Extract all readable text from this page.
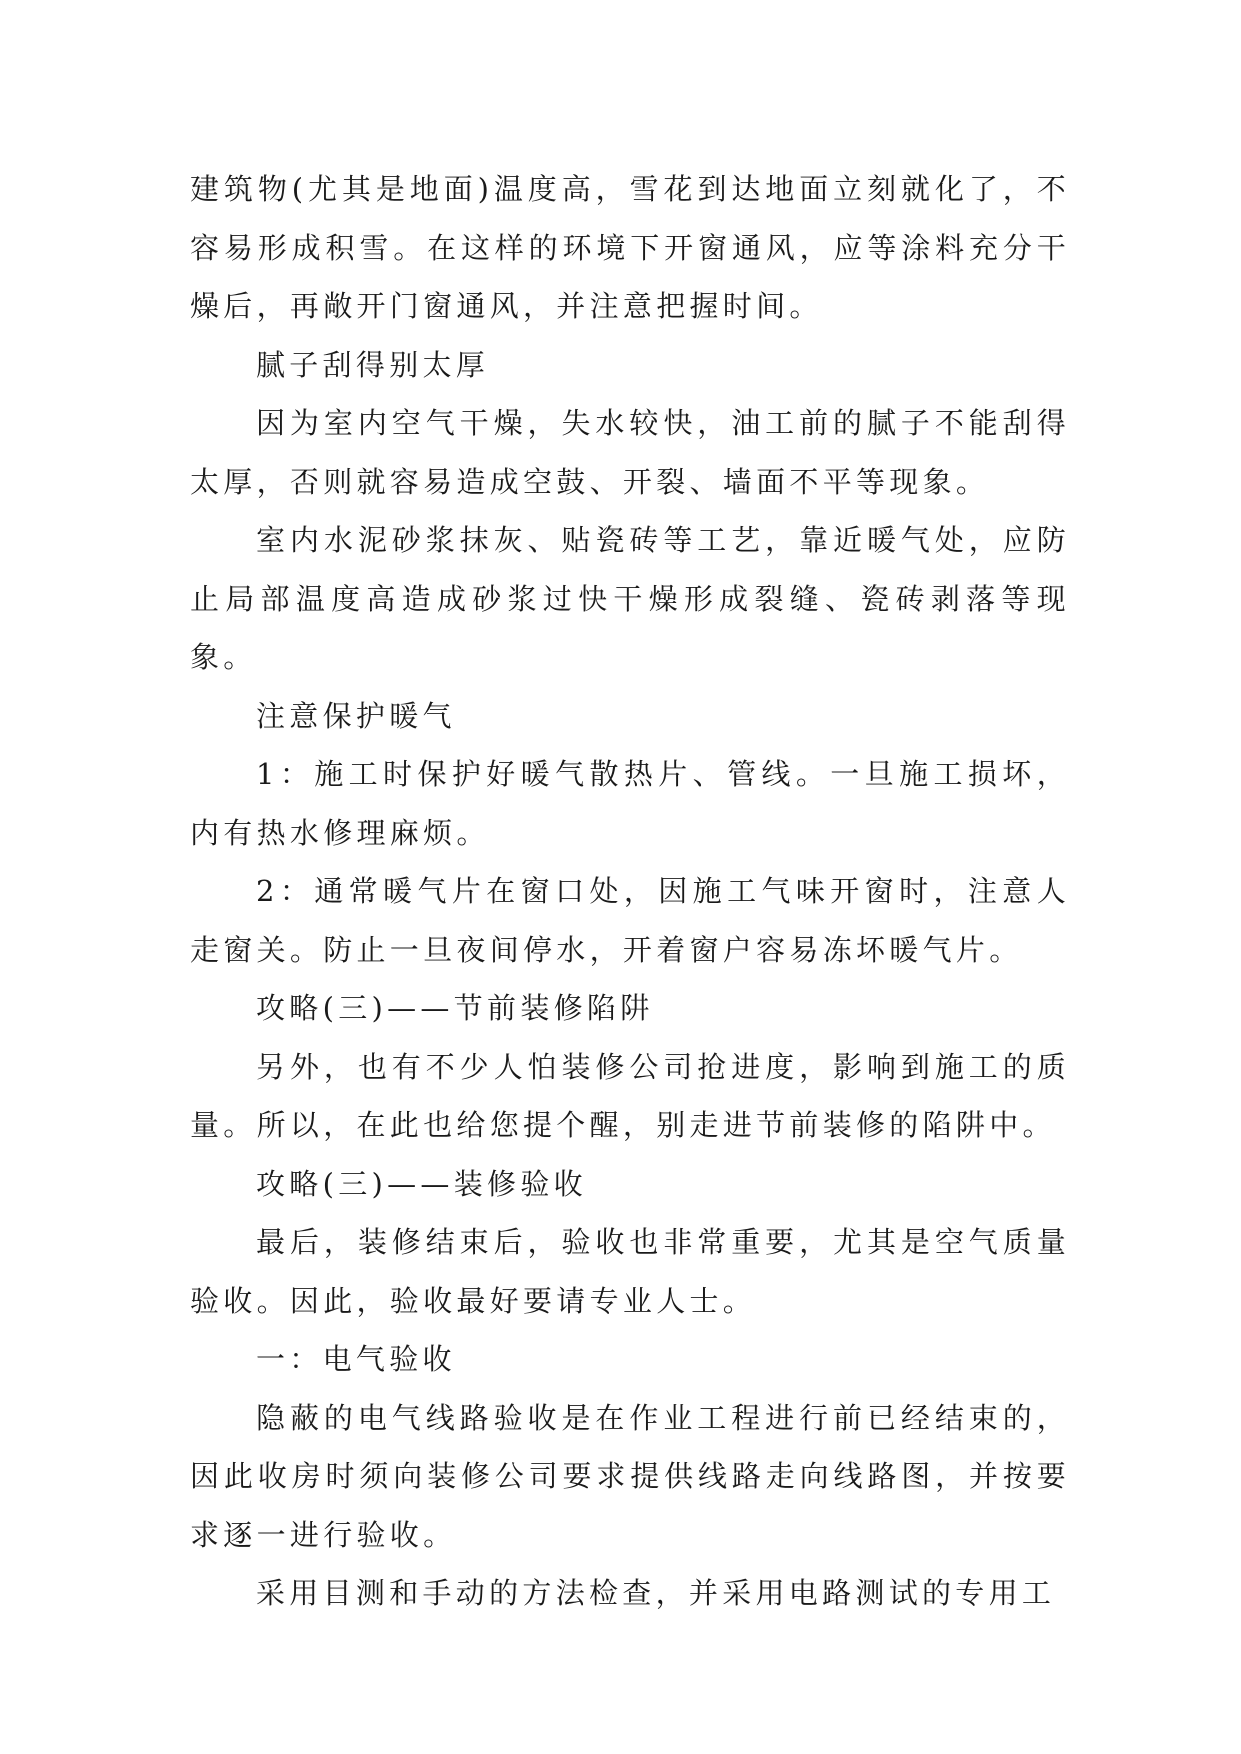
建筑物(尤其是地面)温度高，雪花到达地面立刻就化了，不容易形成积雪。在这样的环境下开窗通风，应等涂料充分干燥后，再敞开门窗通风，并注意把握时间。

腻子刮得别太厚

因为室内空气干燥，失水较快，油工前的腻子不能刮得太厚，否则就容易造成空鼓、开裂、墙面不平等现象。

室内水泥砂浆抹灰、贴瓷砖等工艺，靠近暖气处，应防止局部温度高造成砂浆过快干燥形成裂缝、瓷砖剥落等现象。

注意保护暖气

1：施工时保护好暖气散热片、管线。一旦施工损坏，内有热水修理麻烦。

2：通常暖气片在窗口处，因施工气味开窗时，注意人走窗关。防止一旦夜间停水，开着窗户容易冻坏暖气片。

攻略(三)——节前装修陷阱

另外，也有不少人怕装修公司抢进度，影响到施工的质量。所以，在此也给您提个醒，别走进节前装修的陷阱中。

攻略(三)——装修验收

最后，装修结束后，验收也非常重要，尤其是空气质量验收。因此，验收最好要请专业人士。

一：电气验收

隐蔽的电气线路验收是在作业工程进行前已经结束的，因此收房时须向装修公司要求提供线路走向线路图，并按要求逐一进行验收。

采用目测和手动的方法检查，并采用电路测试的专用工
